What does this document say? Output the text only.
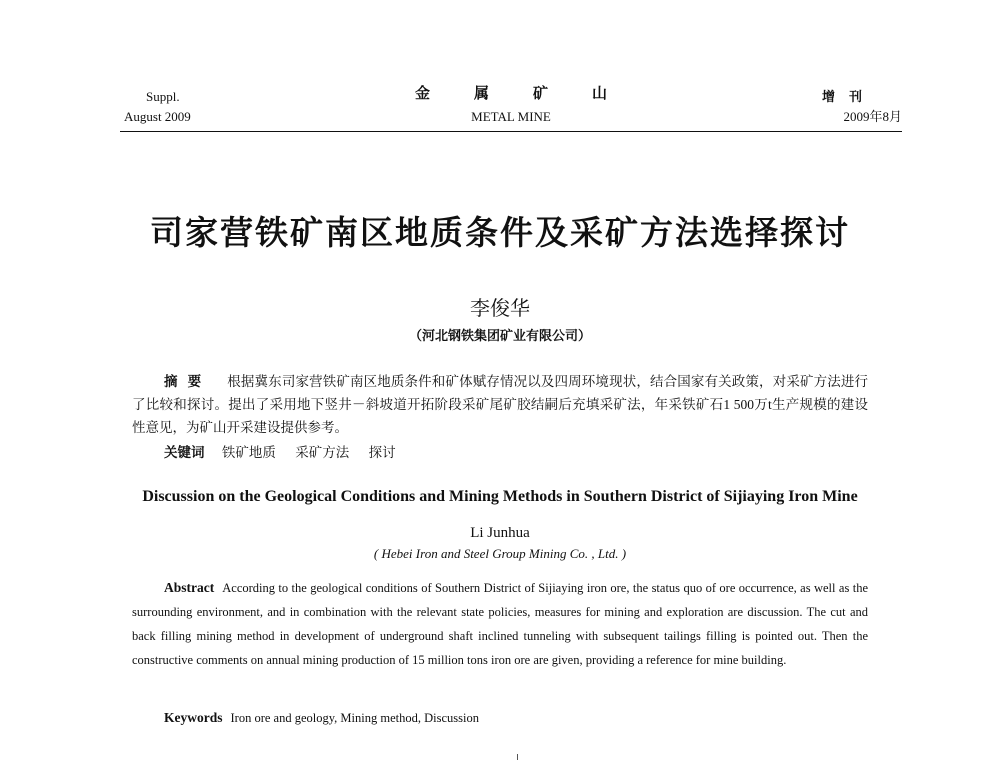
Suppl.
August 2009
金属矿山
METAL MINE
增刊
2009年8月
司家营铁矿南区地质条件及采矿方法选择探讨
李俊华
（河北钢铁集团矿业有限公司）
摘要 根据冀东司家营铁矿南区地质条件和矿体赋存情况以及四周环境现状，结合国家有关政策，对采矿方法进行了比较和探讨。提出了采用地下竖井－斜坡道开拓阶段采矿尾矿胶结嗣后充填采矿法，年采铁矿石1 500万t生产规模的建设性意见，为矿山开采建设提供参考。
关键词 铁矿地质 采矿方法 探讨
Discussion on the Geological Conditions and Mining Methods in Southern District of Sijiaying Iron Mine
Li Junhua
( Hebei Iron and Steel Group Mining Co. , Ltd. )
Abstract According to the geological conditions of Southern District of Sijiaying iron ore, the status quo of ore occurrence, as well as the surrounding environment, and in combination with the relevant state policies, measures for mining and exploration are discussion. The cut and back filling mining method in development of underground shaft inclined tunneling with subsequent tailings filling is pointed out. Then the constructive comments on annual mining production of 15 million tons iron ore are given, providing a reference for mine building.
Keywords Iron ore and geology, Mining method, Discussion
